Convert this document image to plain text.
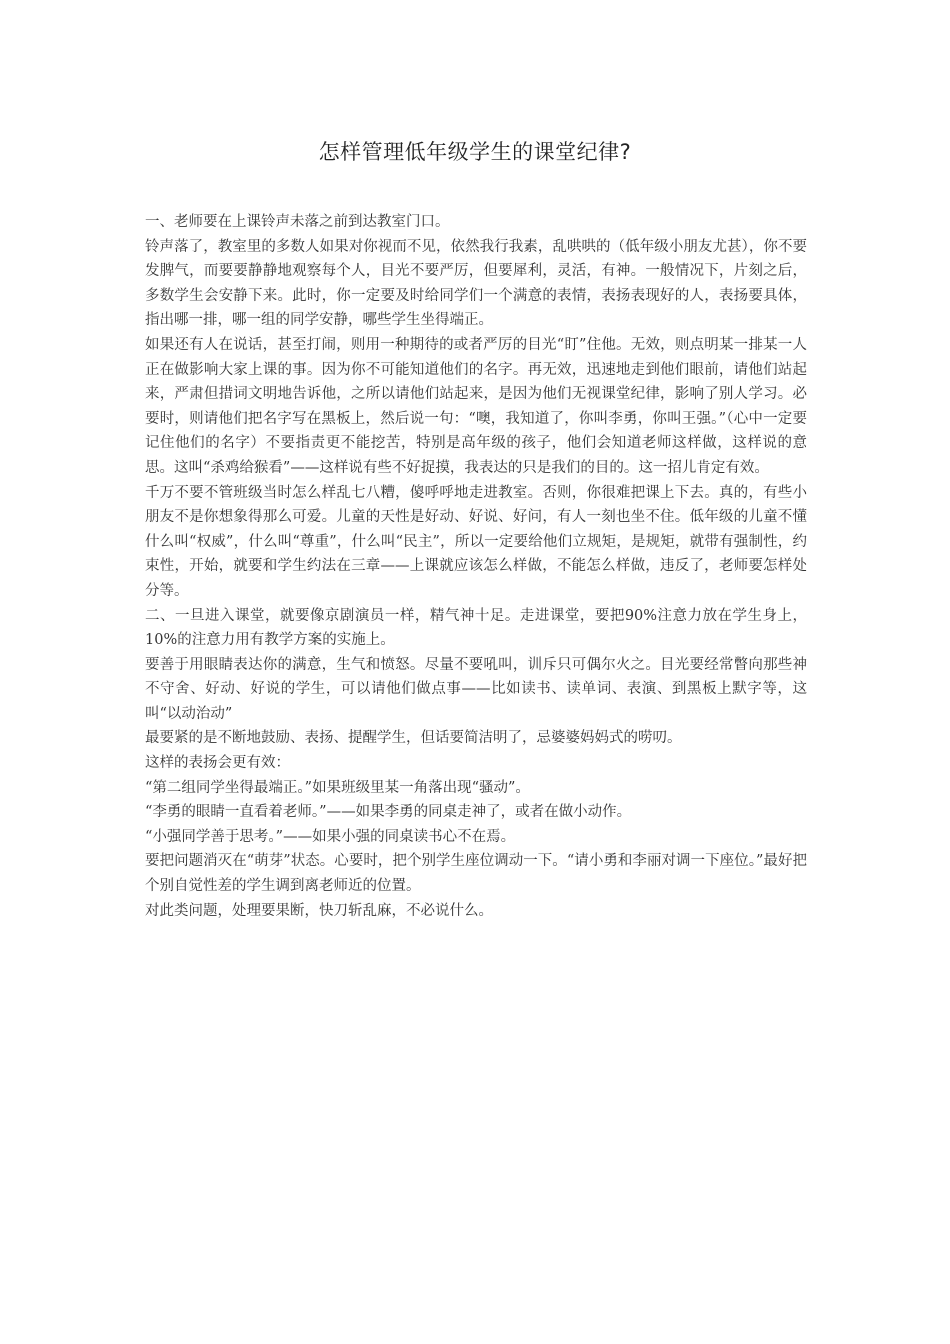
怎样管理低年级学生的课堂纪律?

一、老师要在上课铃声未落之前到达教室门口。

铃声落了，教室里的多数人如果对你视而不见，依然我行我素，乱哄哄的（低年级小朋友尤甚），你不要发脾气，而要要静静地观察每个人，目光不要严厉，但要犀利，灵活，有神。一般情况下，片刻之后，多数学生会安静下来。此时，你一定要及时给同学们一个满意的表情，表扬表现好的人，表扬要具体，指出哪一排，哪一组的同学安静，哪些学生坐得端正。

如果还有人在说话，甚至打闹，则用一种期待的或者严厉的目光“盯”住他。无效，则点明某一排某一人正在做影响大家上课的事。因为你不可能知道他们的名字。再无效，迅速地走到他们眼前，请他们站起来，严肃但措词文明地告诉他，之所以请他们站起来，是因为他们无视课堂纪律，影响了别人学习。必要时，则请他们把名字写在黑板上，然后说一句：“噢，我知道了，你叫李勇，你叫王强。”（心中一定要记住他们的名字）不要指责更不能挖苦，特别是高年级的孩子，他们会知道老师这样做，这样说的意思。这叫“杀鸡给猴看”——这样说有些不好捉摸，我表达的只是我们的目的。这一招儿肯定有效。

千万不要不管班级当时怎么样乱七八糟，傻呼呼地走进教室。否则，你很难把课上下去。真的，有些小朋友不是你想象得那么可爱。儿童的天性是好动、好说、好问，有人一刻也坐不住。低年级的儿童不懂什么叫“权威”，什么叫“尊重”，什么叫“民主”，所以一定要给他们立规矩，是规矩，就带有强制性，约束性，开始，就要和学生约法在三章——上课就应该怎么样做，不能怎么样做，违反了，老师要怎样处分等。

二、一旦进入课堂，就要像京剧演员一样，精气神十足。走进课堂，要把90%注意力放在学生身上，10%的注意力用有教学方案的实施上。

要善于用眼睛表达你的满意，生气和愤怒。尽量不要吼叫，训斥只可偶尔火之。目光要经常瞥向那些神不守舍、好动、好说的学生，可以请他们做点事——比如读书、读单词、表演、到黑板上默字等，这叫“以动治动”

最要紧的是不断地鼓励、表扬、提醒学生，但话要简洁明了，忌婆婆妈妈式的唠叨。

这样的表扬会更有效：

“第二组同学坐得最端正。”如果班级里某一角落出现“骚动”。

“李勇的眼睛一直看着老师。”——如果李勇的同桌走神了，或者在做小动作。

“小强同学善于思考。”——如果小强的同桌读书心不在焉。

要把问题消灭在“萌芽”状态。心要时，把个别学生座位调动一下。“请小勇和李丽对调一下座位。”最好把个别自觉性差的学生调到离老师近的位置。

对此类问题，处理要果断，快刀斩乱麻，不必说什么。
